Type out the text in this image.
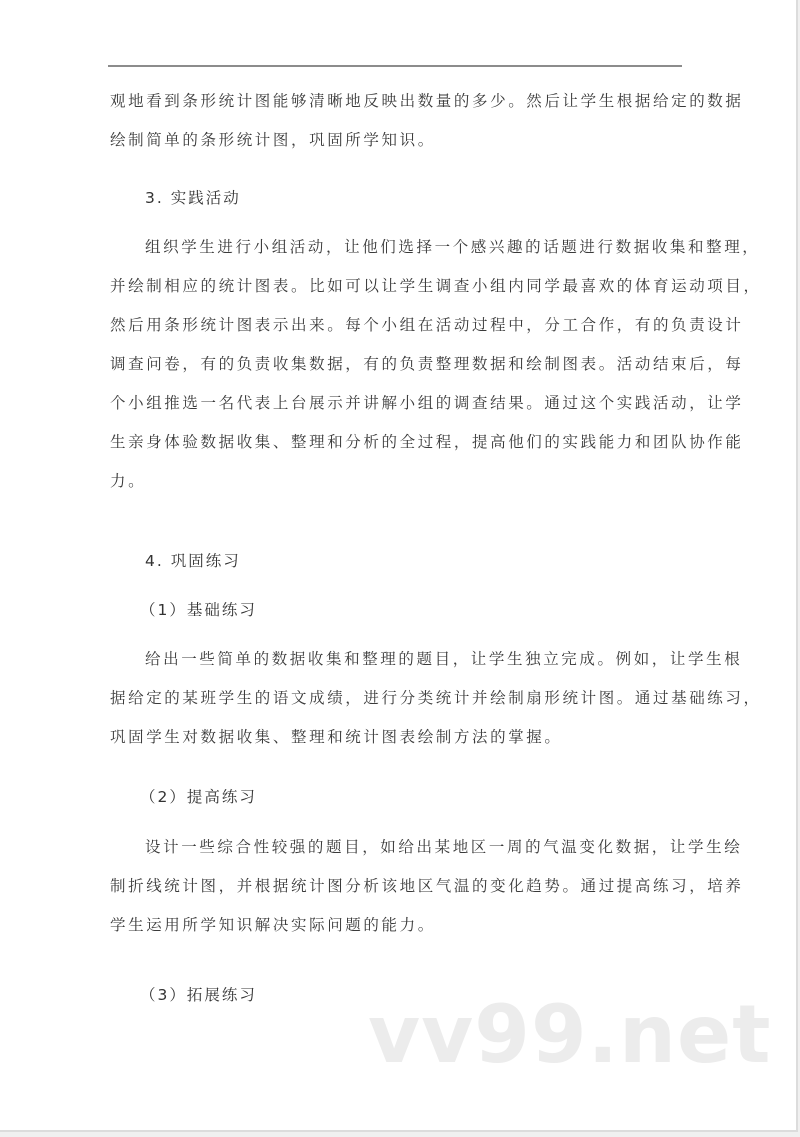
观地看到条形统计图能够清晰地反映出数量的多少。然后让学生根据给定的数据
绘制简单的条形统计图，巩固所学知识。
3. 实践活动
组织学生进行小组活动，让他们选择一个感兴趣的话题进行数据收集和整理，
并绘制相应的统计图表。比如可以让学生调查小组内同学最喜欢的体育运动项目，
然后用条形统计图表示出来。每个小组在活动过程中，分工合作，有的负责设计
调查问卷，有的负责收集数据，有的负责整理数据和绘制图表。活动结束后，每
个小组推选一名代表上台展示并讲解小组的调查结果。通过这个实践活动，让学
生亲身体验数据收集、整理和分析的全过程，提高他们的实践能力和团队协作能
力。
4. 巩固练习
（1）基础练习
给出一些简单的数据收集和整理的题目，让学生独立完成。例如，让学生根
据给定的某班学生的语文成绩，进行分类统计并绘制扇形统计图。通过基础练习，
巩固学生对数据收集、整理和统计图表绘制方法的掌握。
（2）提高练习
设计一些综合性较强的题目，如给出某地区一周的气温变化数据，让学生绘
制折线统计图，并根据统计图分析该地区气温的变化趋势。通过提高练习，培养
学生运用所学知识解决实际问题的能力。
（3）拓展练习 vv99.net
